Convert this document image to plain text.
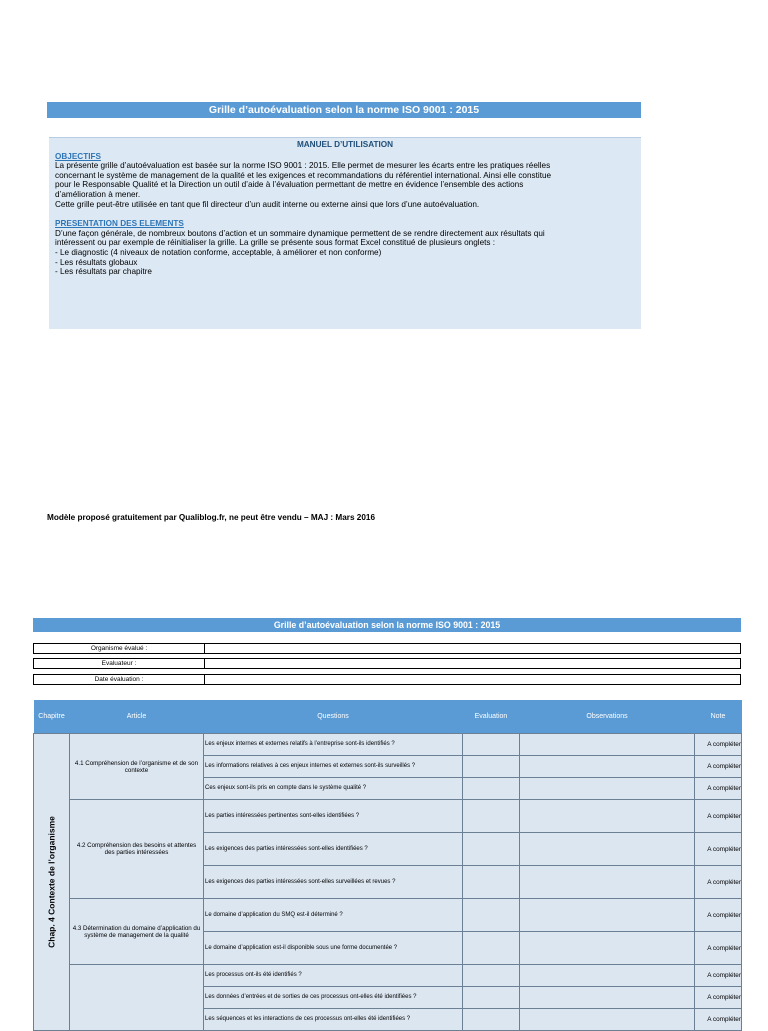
Grille d’autoévaluation selon la norme ISO 9001 : 2015
MANUEL D’UTILISATION
OBJECTIFS
La présente grille d’autoévaluation est basée sur la norme ISO 9001 : 2015. Elle permet de mesurer les écarts entre les pratiques réelles
concernant le système de management de la qualité et les exigences et recommandations du référentiel international. Ainsi elle constitue
pour le Responsable Qualité et la Direction un outil d’aide à l’évaluation permettant de mettre en évidence l’ensemble des actions
d’amélioration à mener.
Cette grille peut-être utilisée en tant que fil directeur d’un audit interne ou externe ainsi que lors d’une autoévaluation.
PRESENTATION DES ELEMENTS
D’une façon générale, de nombreux boutons d’action et un sommaire dynamique permettent de se rendre directement aux résultats qui
intéressent ou par exemple de réinitialiser la grille. La grille se présente sous format Excel constitué de plusieurs onglets :
- Le diagnostic (4 niveaux de notation conforme, acceptable, à améliorer et non conforme)
- Les résultats globaux
- Les résultats par chapitre
Modèle proposé gratuitement par Qualiblog.fr, ne peut être vendu – MAJ : Mars 2016
Grille d’autoévaluation selon la norme ISO 9001 : 2015
Organisme évalué :
Evaluateur :
Date évaluation :
Chapitre	Article	Questions	Evaluation	Observations	Note

Chap. 4 Contexte de l’organisme	4.1 Compréhension de l’organisme et de son contexte	Les enjeux internes et externes relatifs à l’entreprise sont-ils identifiés ?			A compléter
		Les informations relatives à ces enjeux internes et externes sont-ils surveillés ?			A compléter
		Ces enjeux sont-ils pris en compte dans le système qualité ?			A compléter
	4.2 Compréhension des besoins et attentes des parties intéressées	Les parties intéressées pertinentes sont-elles identifiées ?			A compléter
		Les exigences des parties intéressées sont-elles identifiées ?			A compléter
		Les exigences des parties intéressées sont-elles surveillées et revues ?			A compléter
	4.3 Détermination du domaine d’application du système de management de la qualité	Le domaine d’application du SMQ est-il déterminé ?			A compléter
		Le domaine d’application est-il disponible sous une forme documentée ?			A compléter
		Les processus ont-ils été identifiés ?			A compléter
		Les données d’entrées et de sorties de ces processus ont-elles été identifiées ?			A compléter
		Les séquences et les interactions de ces processus ont-elles été identifiées ?			A compléter
